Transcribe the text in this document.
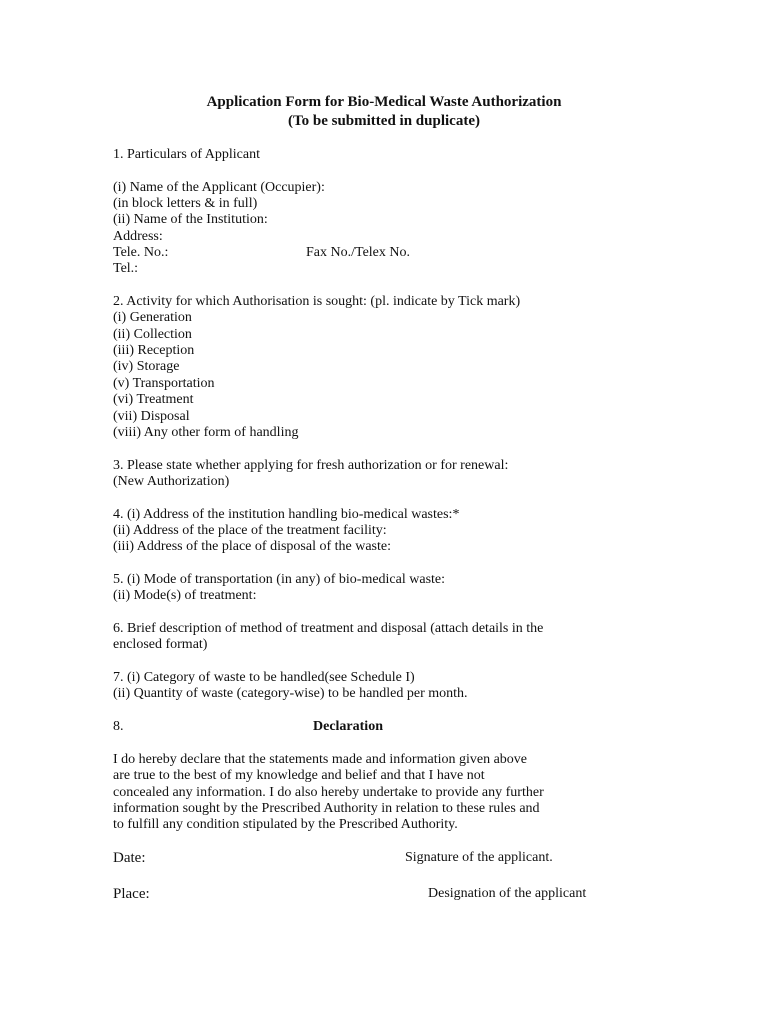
Application Form for Bio-Medical Waste Authorization
(To be submitted in duplicate)
1. Particulars of Applicant
(i) Name of the Applicant (Occupier):
(in block letters & in full)
(ii) Name of the Institution:
Address:
Tele. No.:	Fax No./Telex No.
Tel.:
2. Activity for which Authorisation is sought: (pl. indicate by Tick mark)
(i) Generation
(ii) Collection
(iii) Reception
(iv) Storage
(v) Transportation
(vi) Treatment
(vii) Disposal
(viii) Any other form of handling
3. Please state whether applying for fresh authorization or for renewal:
(New Authorization)
4. (i) Address of the institution handling bio-medical wastes:*
(ii) Address of the place of the treatment facility:
(iii) Address of the place of disposal of the waste:
5. (i) Mode of transportation (in any) of bio-medical waste:
(ii) Mode(s) of treatment:
6. Brief description of method of treatment and disposal (attach details in the
enclosed format)
7. (i) Category of waste to be handled(see Schedule I)
(ii) Quantity of waste (category-wise) to be handled per month.
8.	Declaration
I do hereby declare that the statements made and information given above
are true to the best of my knowledge and belief and that I have not
concealed any information. I do also hereby undertake to provide any further
information sought by the Prescribed Authority in relation to these rules and
to fulfill any condition stipulated by the Prescribed Authority.
Date:	Signature of the applicant.
Place:	Designation of the applicant
